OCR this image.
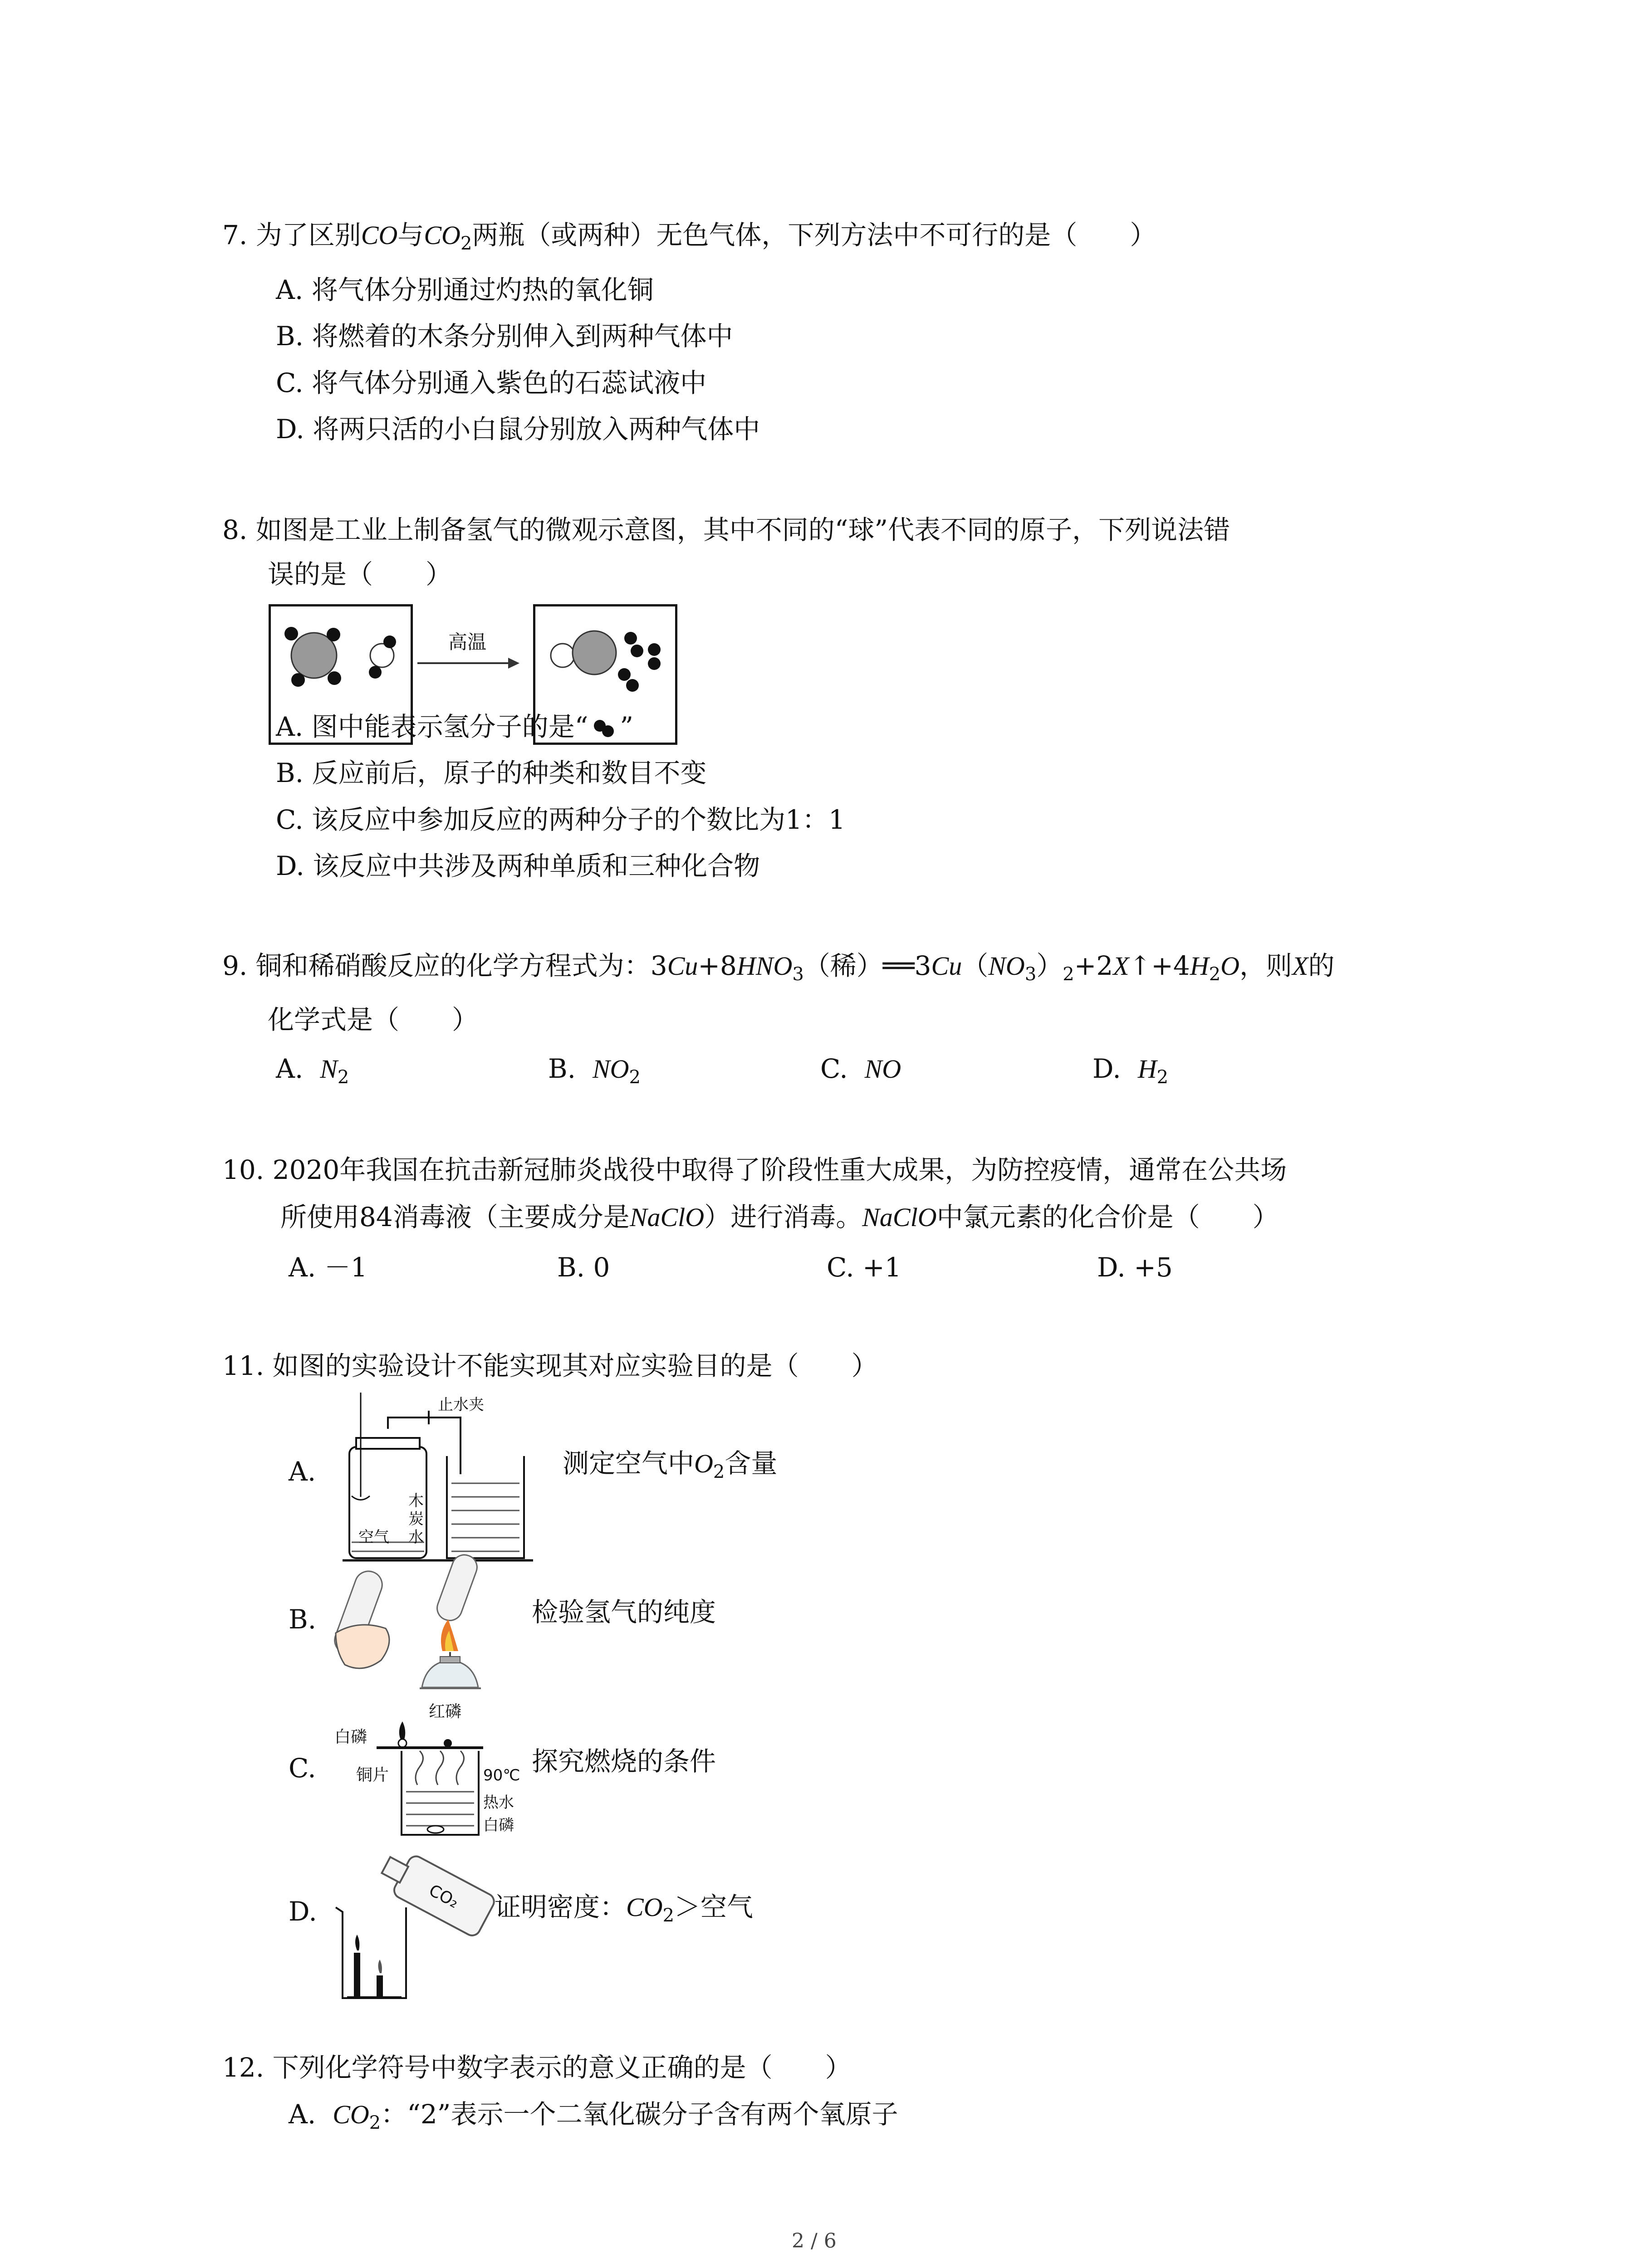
7. 为了区别CO与$CO_2$两瓶（或两种）无色气体，下列方法中不可行的是（　　）
A. 将气体分别通过灼热的氧化铜
B. 将燃着的木条分别伸入到两种气体中
C. 将气体分别通入紫色的石蕊试液中
D. 将两只活的小白鼠分别放入两种气体中
8. 如图是工业上制备氢气的微观示意图，其中不同的“球”代表不同的原子，下列说法错
误的是（　　）
高温
A. 图中能表示氢分子的是“ ”
B. 反应前后，原子的种类和数目不变
C. 该反应中参加反应的两种分子的个数比为1：1
D. 该反应中共涉及两种单质和三种化合物
9. 铜和稀硝酸反应的化学方程式为：$3Cu+8HNO_3$（稀）$══3Cu(NO_3)_2+2X↑+4H_2O$，则X的
化学式是（　　）
A. $N_2$	B. $NO_2$	C. NO	D. $H_2$
10. 2020年我国在抗击新冠肺炎战役中取得了阶段性重大成果，为防控疫情，通常在公共场
所使用84消毒液（主要成分是NaClO）进行消毒。NaClO中氯元素的化合价是（　　）
A. －1	B. 0	C. +1	D. +5
11. 如图的实验设计不能实现其对应实验目的是（　　）
A.
止水夹
木
炭
水
空气
测定空气中$O_2$含量
B.	检验氢气的纯度
C.
白磷
红磷
铜片	90℃
热水
白磷
探究燃烧的条件
D.	CO₂ 证明密度：$CO_2>$空气
12. 下列化学符号中数字表示的意义正确的是（　　）
A. $CO_2$：“2”表示一个二氧化碳分子含有两个氧原子
2 / 6
